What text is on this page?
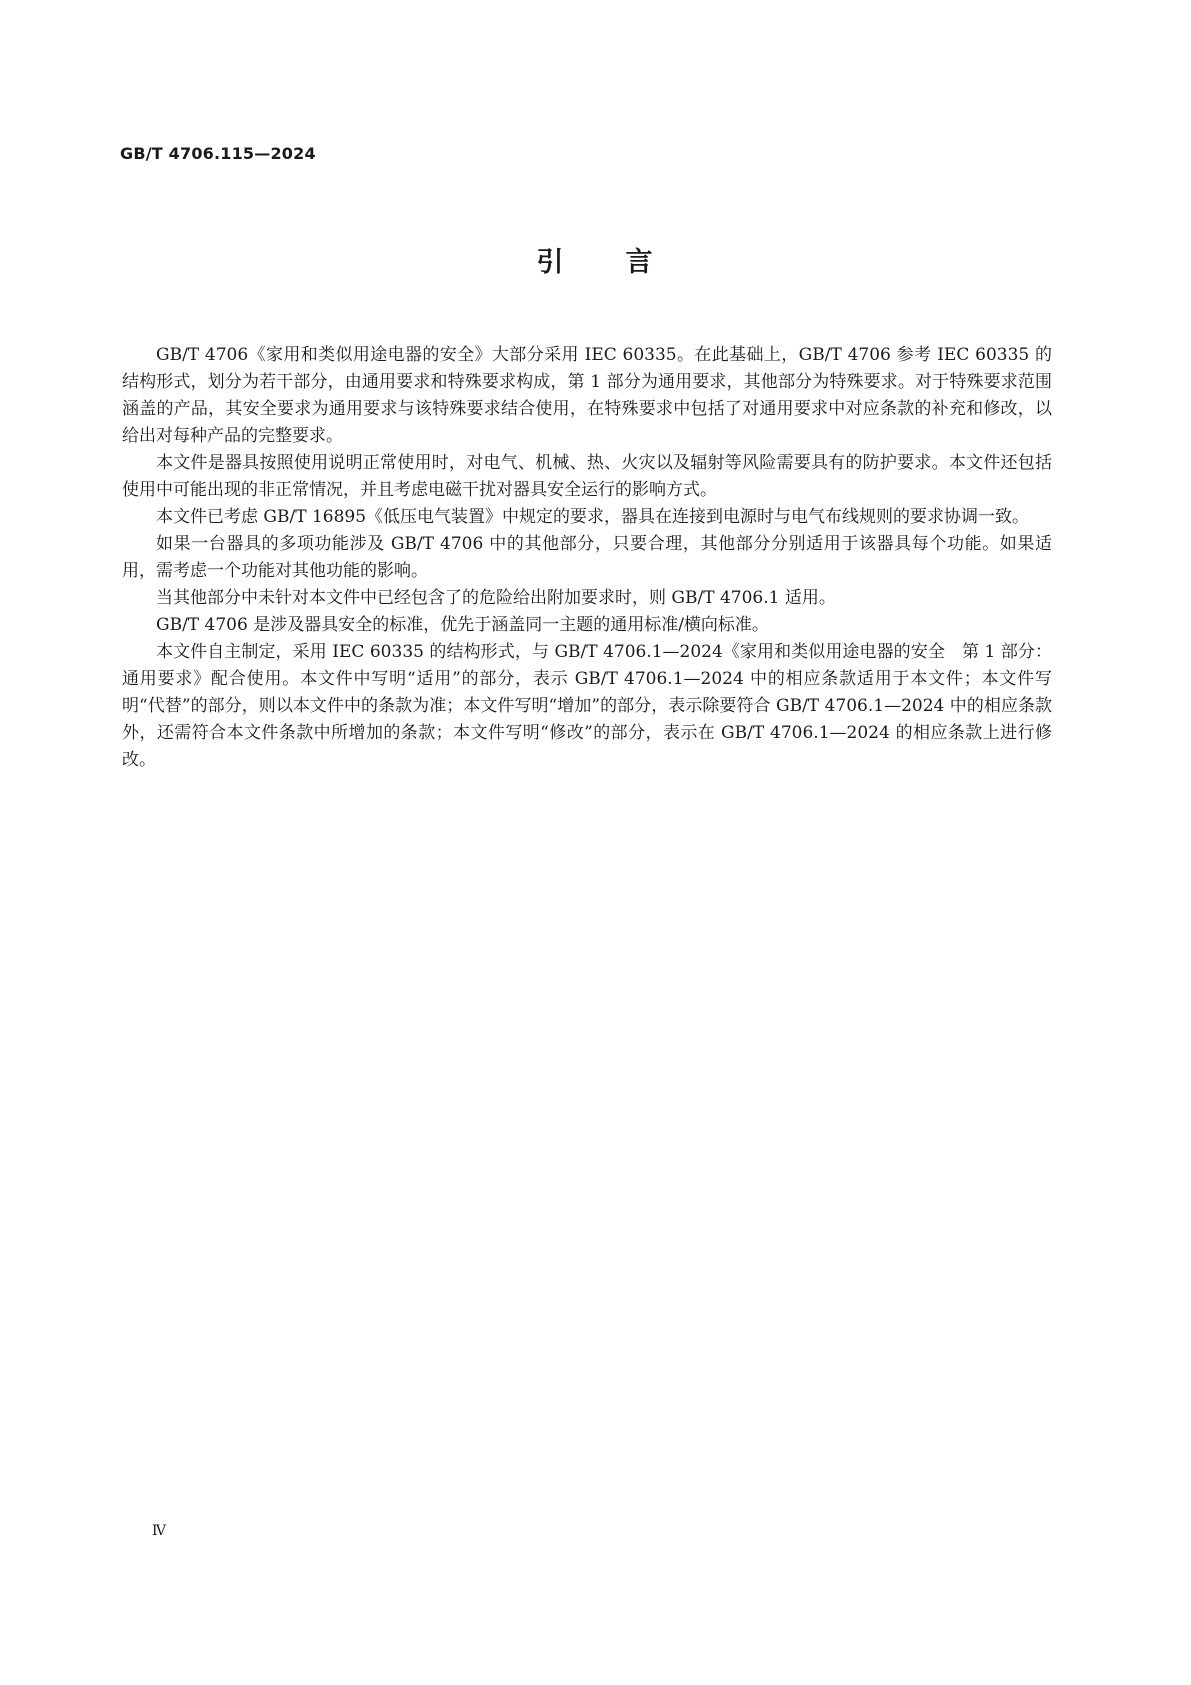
GB/T 4706.115—2024
引 言

GB/T 4706《家用和类似用途电器的安全》大部分采用 IEC 60335。在此基础上，GB/T 4706 参考 IEC 60335 的结构形式，划分为若干部分，由通用要求和特殊要求构成，第 1 部分为通用要求，其他部分为特殊要求。对于特殊要求范围涵盖的产品，其安全要求为通用要求与该特殊要求结合使用，在特殊要求中包括了对通用要求中对应条款的补充和修改，以给出对每种产品的完整要求。

本文件是器具按照使用说明正常使用时，对电气、机械、热、火灾以及辐射等风险需要具有的防护要求。本文件还包括使用中可能出现的非正常情况，并且考虑电磁干扰对器具安全运行的影响方式。

本文件已考虑 GB/T 16895《低压电气装置》中规定的要求，器具在连接到电源时与电气布线规则的要求协调一致。

如果一台器具的多项功能涉及 GB/T 4706 中的其他部分，只要合理，其他部分分别适用于该器具每个功能。如果适用，需考虑一个功能对其他功能的影响。

当其他部分中未针对本文件中已经包含了的危险给出附加要求时，则 GB/T 4706.1 适用。

GB/T 4706 是涉及器具安全的标准，优先于涵盖同一主题的通用标准/横向标准。

本文件自主制定，采用 IEC 60335 的结构形式，与 GB/T 4706.1—2024《家用和类似用途电器的安全　第 1 部分：通用要求》配合使用。本文件中写明“适用”的部分，表示 GB/T 4706.1—2024 中的相应条款适用于本文件；本文件写明“代替”的部分，则以本文件中的条款为准；本文件写明“增加”的部分，表示除要符合 GB/T 4706.1—2024 中的相应条款外，还需符合本文件条款中所增加的条款；本文件写明“修改”的部分，表示在 GB/T 4706.1—2024 的相应条款上进行修改。

Ⅳ
